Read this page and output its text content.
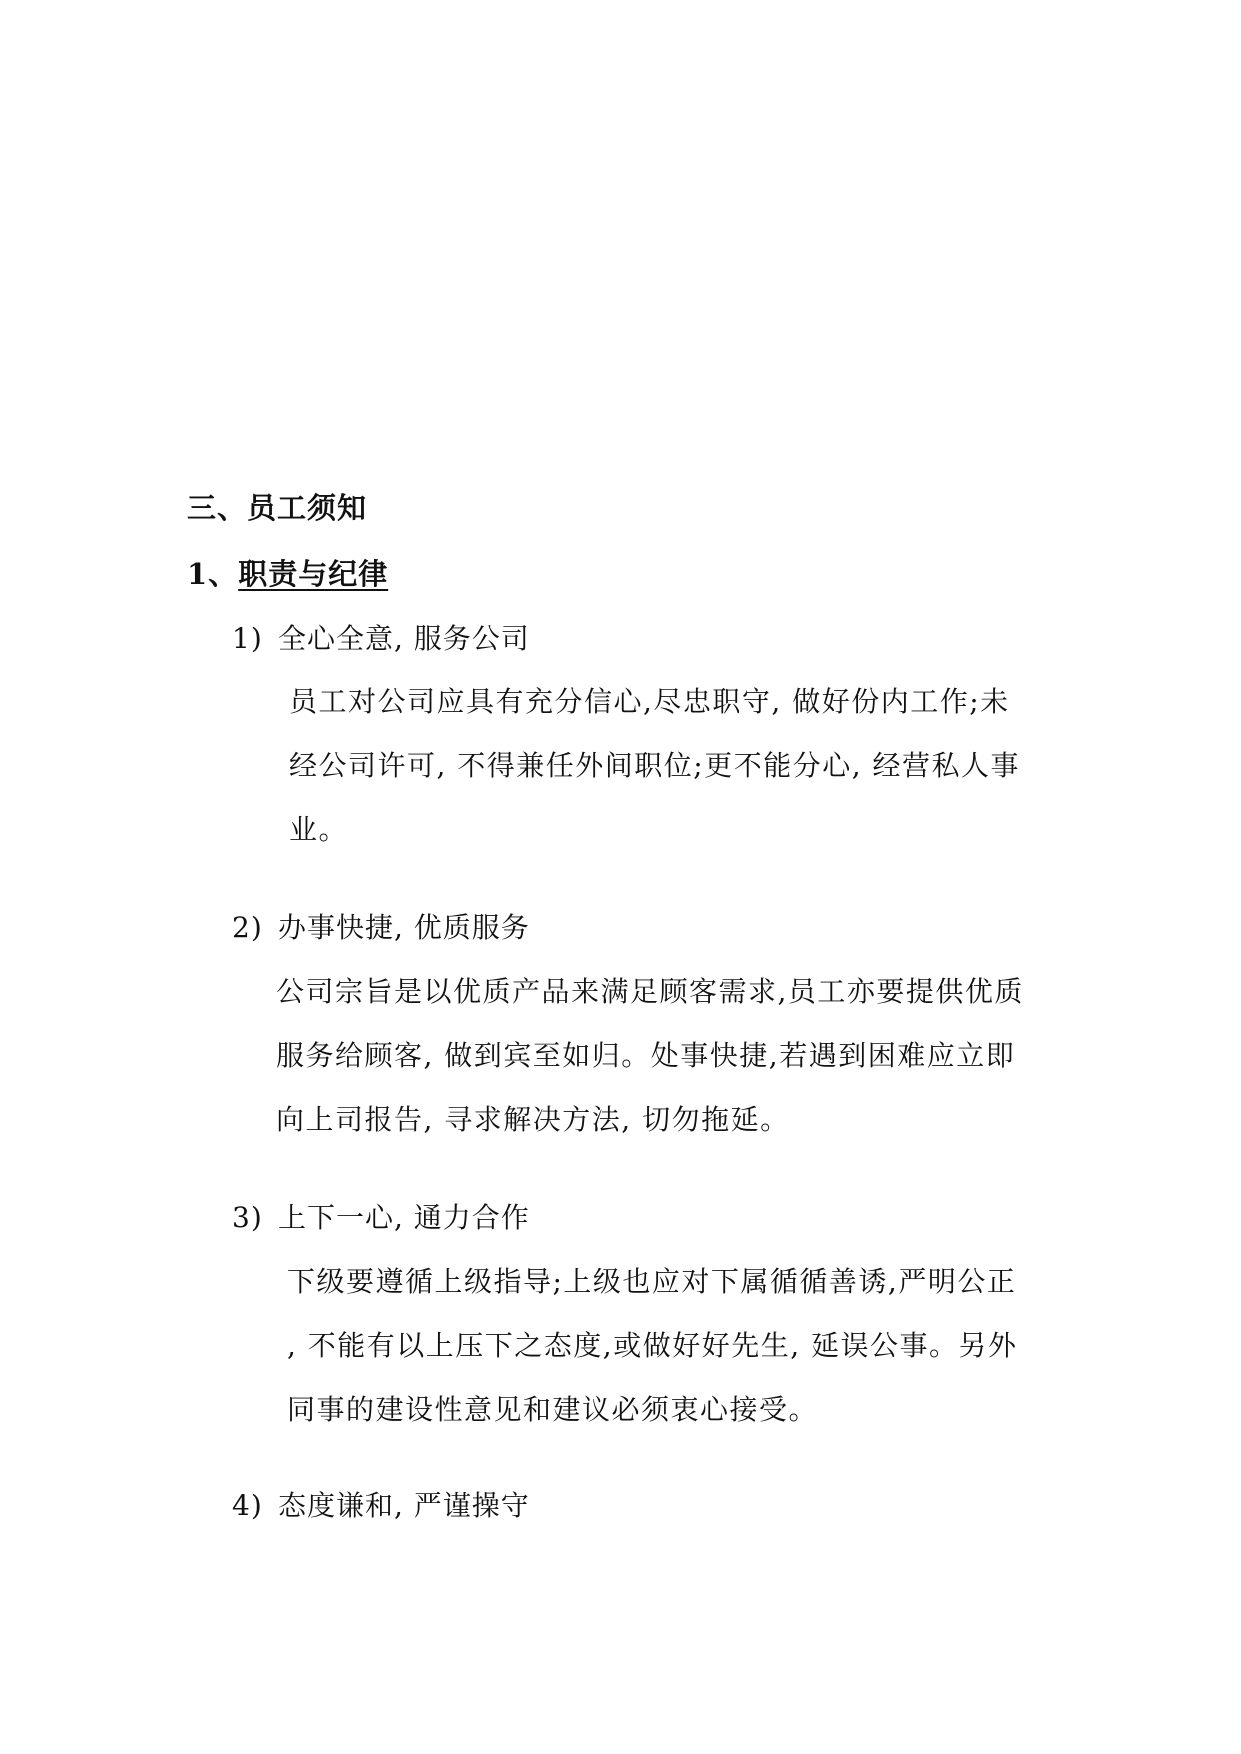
三、员工须知
1、职责与纪律
1) 全心全意, 服务公司
员工对公司应具有充分信心,尽忠职守, 做好份内工作;未
经公司许可, 不得兼任外间职位;更不能分心, 经营私人事
业。
2) 办事快捷, 优质服务
公司宗旨是以优质产品来满足顾客需求,员工亦要提供优质
服务给顾客, 做到宾至如归。处事快捷,若遇到困难应立即
向上司报告, 寻求解决方法, 切勿拖延。
3) 上下一心, 通力合作
下级要遵循上级指导;上级也应对下属循循善诱,严明公正
, 不能有以上压下之态度,或做好好先生, 延误公事。另外
同事的建设性意见和建议必须衷心接受。
4) 态度谦和, 严谨操守
